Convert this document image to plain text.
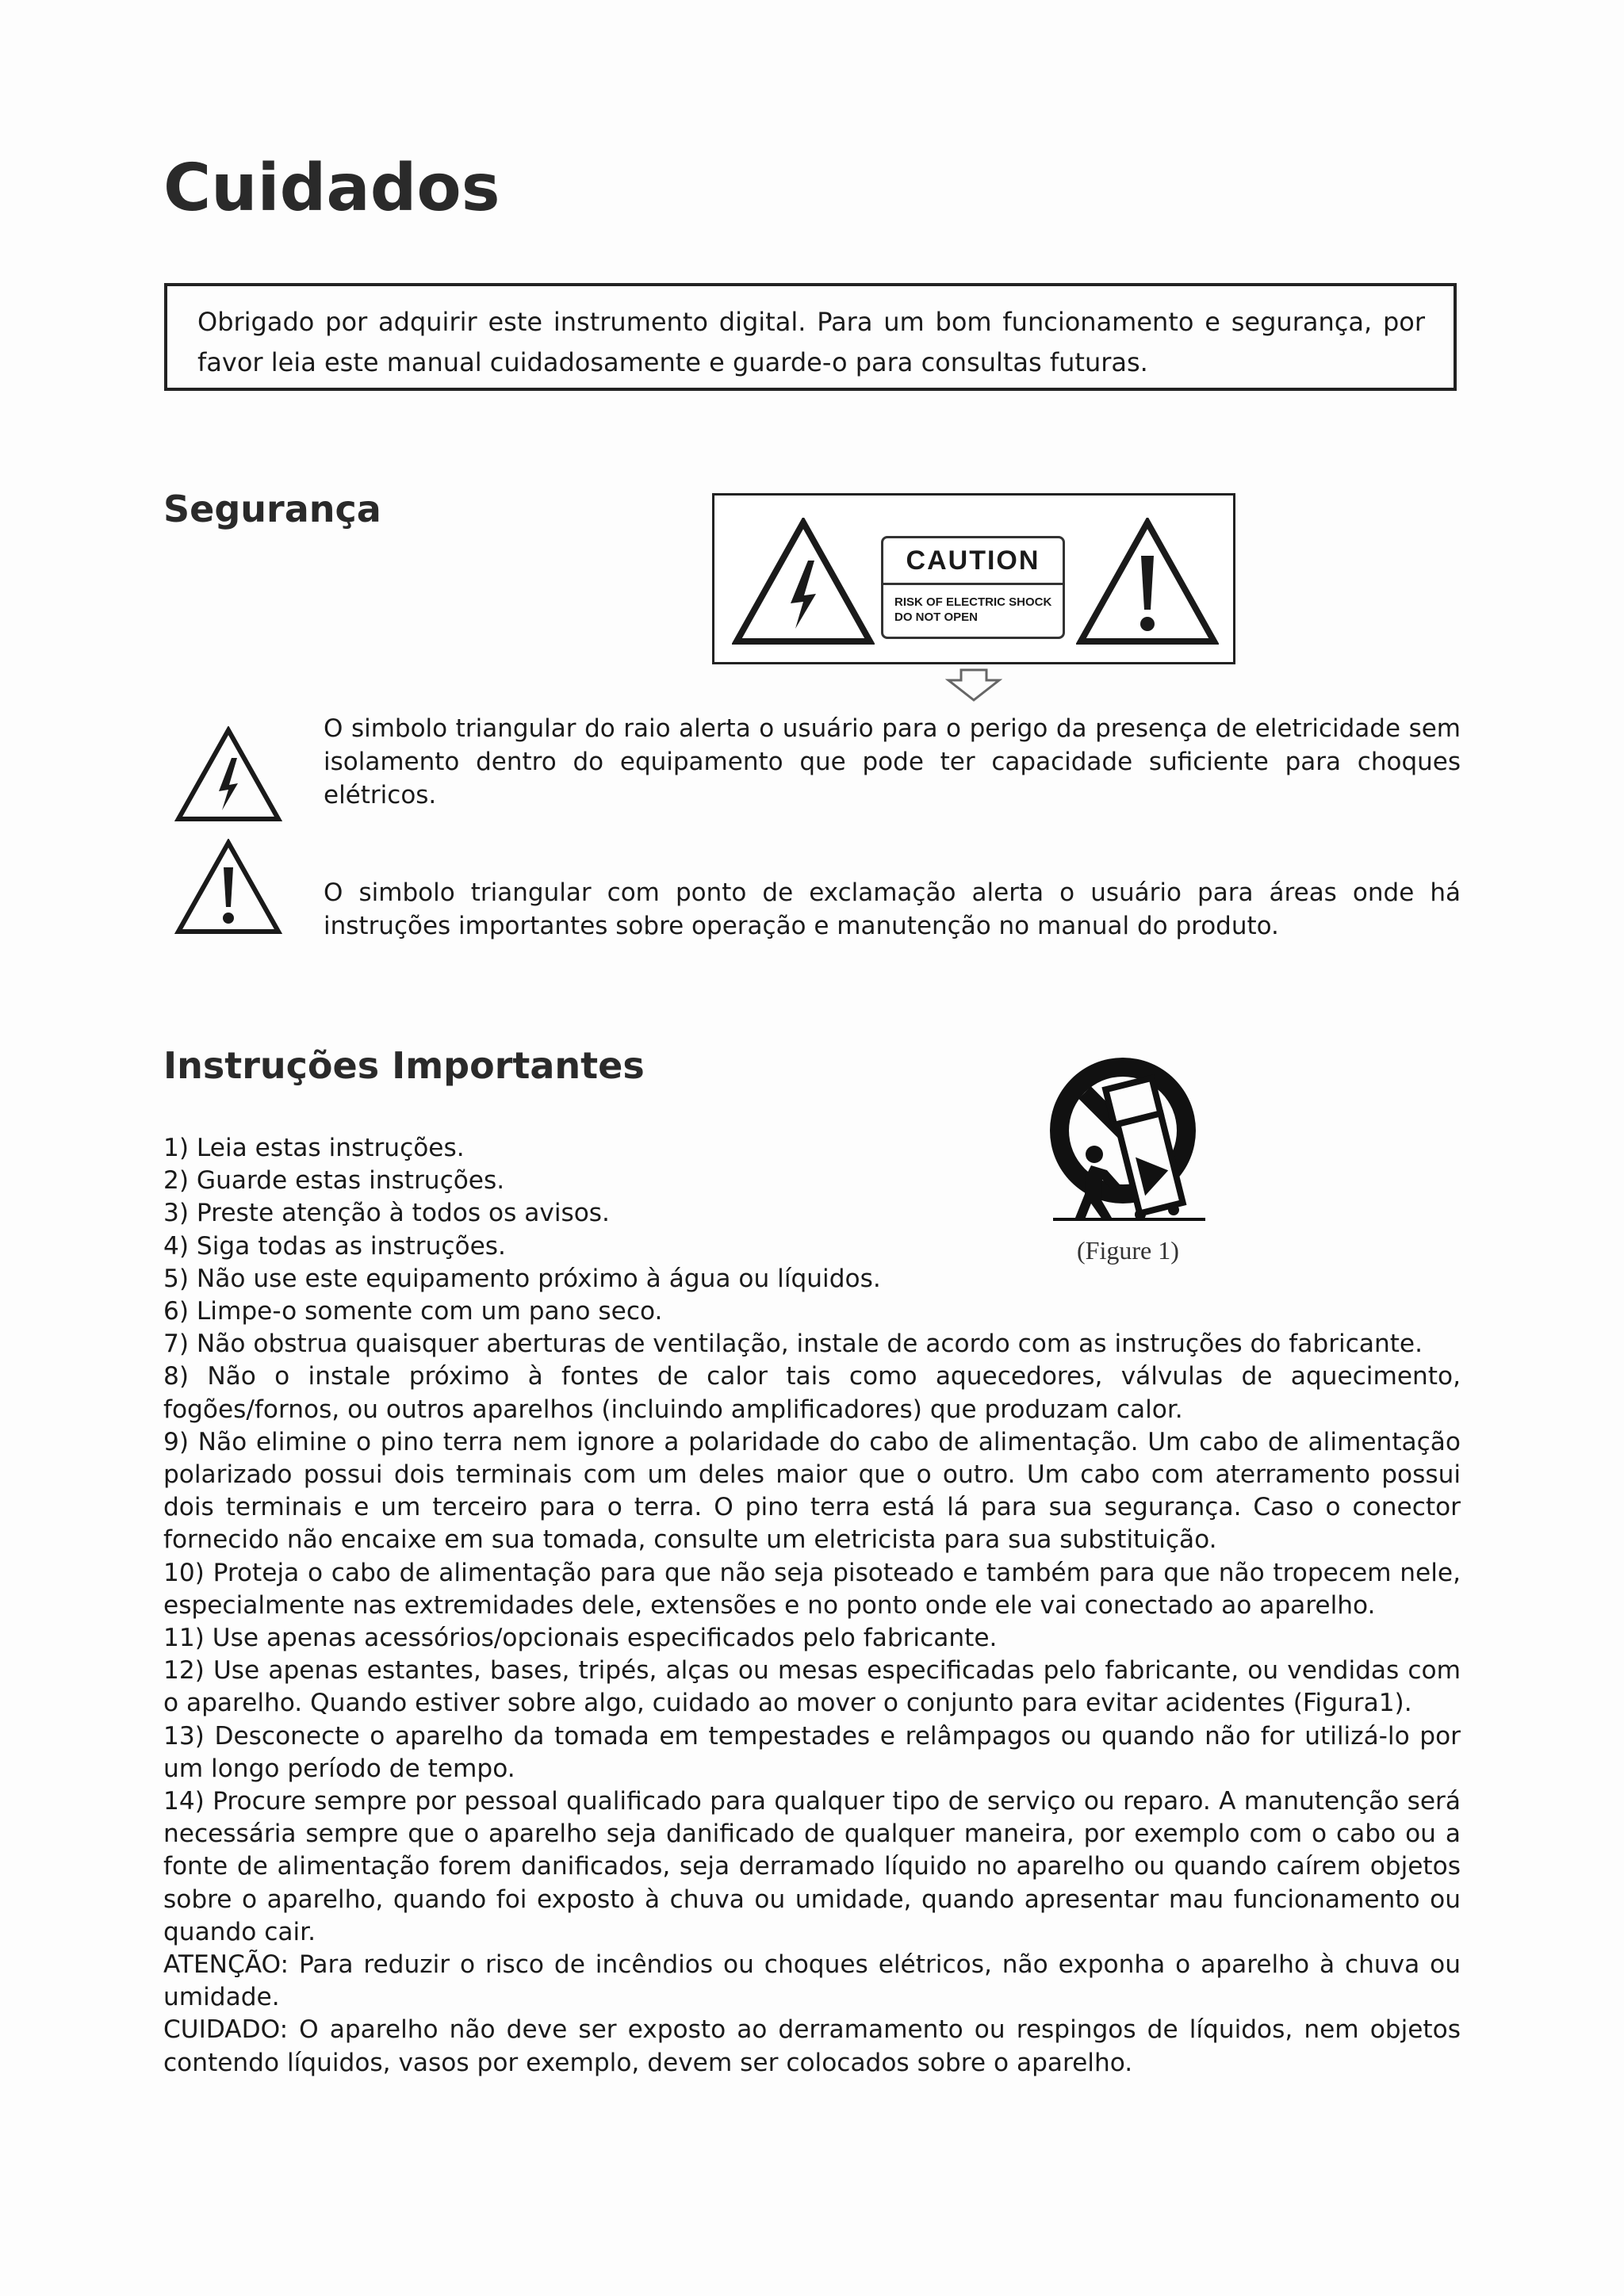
Cuidados
Obrigado por adquirir este instrumento digital. Para um bom funcionamento e segurança, por favor leia este manual cuidadosamente e guarde-o para consultas futuras.
Segurança
CAUTION
RISK OF ELECTRIC SHOCK
DO NOT OPEN
O simbolo triangular do raio alerta o usuário para o perigo da presença de eletricidade sem isolamento dentro do equipamento que pode ter capacidade suficiente para choques elétricos.
O simbolo triangular com ponto de exclamação alerta o usuário para áreas onde há instruções importantes sobre operação e manutenção no manual do produto.
Instruções Importantes
(Figure 1)
1) Leia estas instruções.
2) Guarde estas instruções.
3) Preste atenção à todos os avisos.
4) Siga todas as instruções.
5) Não use este equipamento próximo à água ou líquidos.
6) Limpe-o somente com um pano seco.
7) Não obstrua quaisquer aberturas de ventilação, instale de acordo com as instruções do fabricante.
8) Não o instale próximo à fontes de calor tais como aquecedores, válvulas de aquecimento, fogões/fornos, ou outros aparelhos (incluindo amplificadores) que produzam calor.
9) Não elimine o pino terra nem ignore a polaridade do cabo de alimentação. Um cabo de alimentação polarizado possui dois terminais com um deles maior que o outro. Um cabo com aterramento possui dois terminais e um terceiro para o terra. O pino terra está lá para sua segurança. Caso o conector fornecido não encaixe em sua tomada, consulte um eletricista para sua substituição.
10) Proteja o cabo de alimentação para que não seja pisoteado e também para que não tropecem nele, especialmente nas extremidades dele, extensões e no ponto onde ele vai conectado ao aparelho.
11) Use apenas acessórios/opcionais especificados pelo fabricante.
12) Use apenas estantes, bases, tripés, alças ou mesas especificadas pelo fabricante, ou vendidas com o aparelho. Quando estiver sobre algo, cuidado ao mover o conjunto para evitar acidentes (Figura1).
13) Desconecte o aparelho da tomada em tempestades e relâmpagos ou quando não for utilizá-lo por um longo período de tempo.
14) Procure sempre por pessoal qualificado para qualquer tipo de serviço ou reparo. A manutenção será necessária sempre que o aparelho seja danificado de qualquer maneira, por exemplo com o cabo ou a fonte de alimentação forem danificados, seja derramado líquido no aparelho ou quando caírem objetos sobre o aparelho, quando foi exposto à chuva ou umidade, quando apresentar mau funcionamento ou quando cair.
ATENÇÃO: Para reduzir o risco de incêndios ou choques elétricos, não exponha o aparelho à chuva ou umidade.
CUIDADO: O aparelho não deve ser exposto ao derramamento ou respingos de líquidos, nem objetos contendo líquidos, vasos por exemplo, devem ser colocados sobre o aparelho.
